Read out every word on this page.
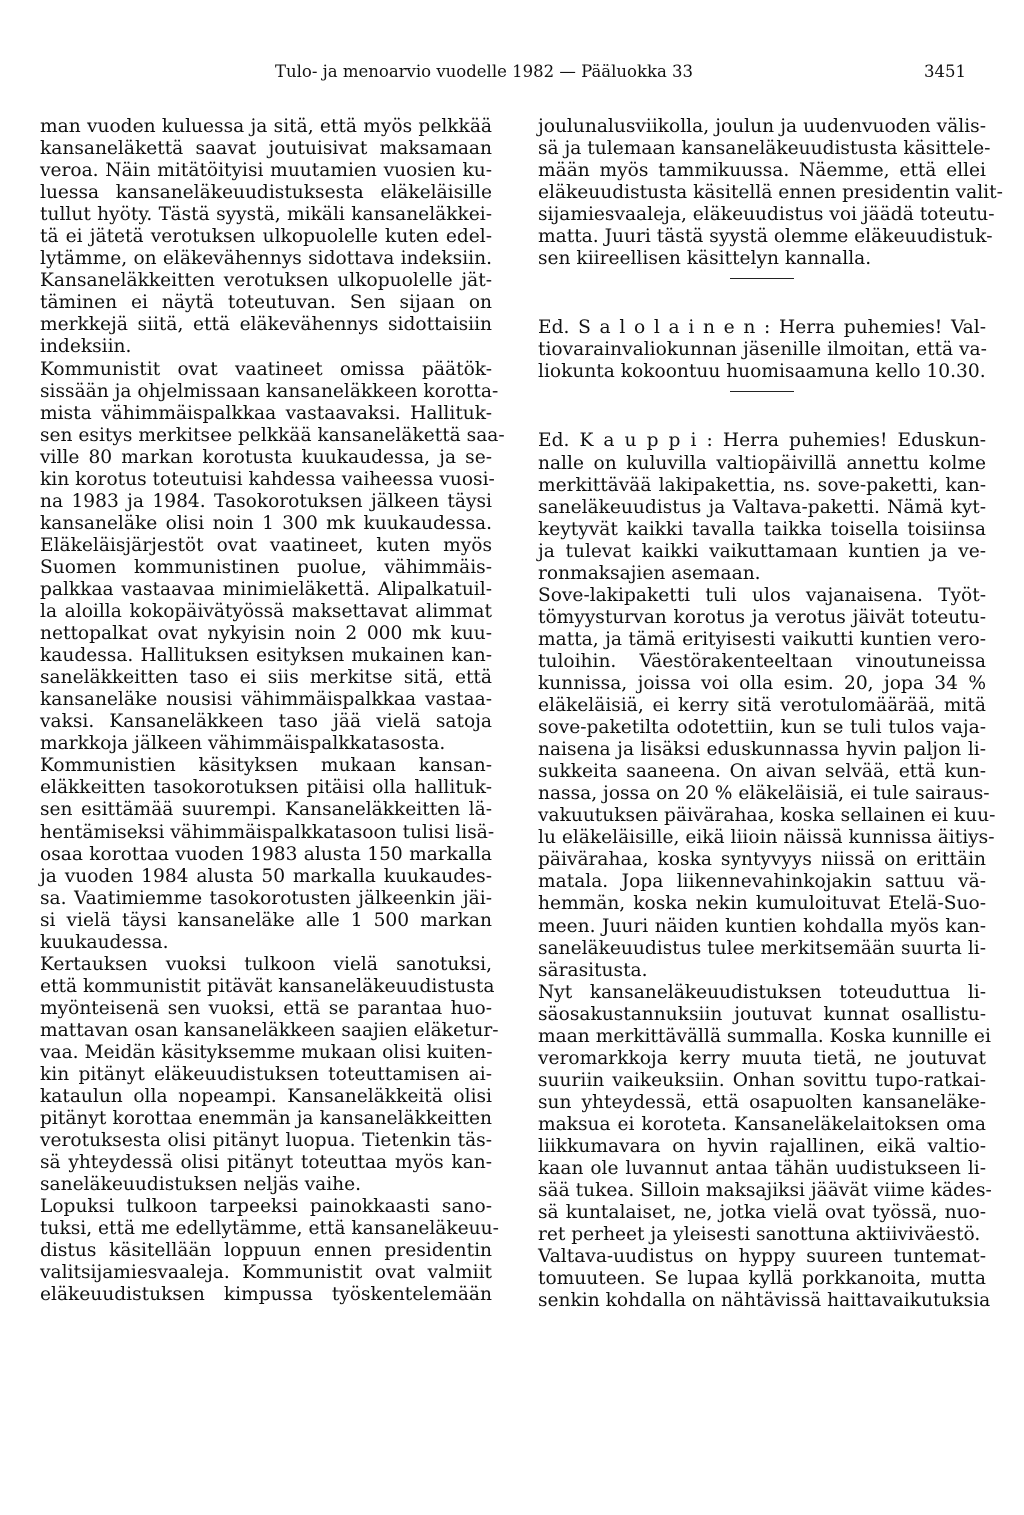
Tulo- ja menoarvio vuodelle 1982 — Pääluokka 33	3451
man vuoden kuluessa ja sitä, että myös pelkkää
kansaneläkettä saavat joutuisivat maksamaan
veroa. Näin mitätöityisi muutamien vuosien ku-
luessa kansaneläkeuudistuksesta eläkeläisille
tullut hyöty. Tästä syystä, mikäli kansaneläkkei-
tä ei jätetä verotuksen ulkopuolelle kuten edel-
lytämme, on eläkevähennys sidottava indeksiin.
Kansaneläkkeitten verotuksen ulkopuolelle jät-
täminen ei näytä toteutuvan. Sen sijaan on
merkkejä siitä, että eläkevähennys sidottaisiin
indeksiin.
Kommunistit ovat vaatineet omissa päätök-
sissään ja ohjelmissaan kansaneläkkeen korotta-
mista vähimmäispalkkaa vastaavaksi. Hallituk-
sen esitys merkitsee pelkkää kansaneläkettä saa-
ville 80 markan korotusta kuukaudessa, ja se-
kin korotus toteutuisi kahdessa vaiheessa vuosi-
na 1983 ja 1984. Tasokorotuksen jälkeen täysi
kansaneläke olisi noin 1 300 mk kuukaudessa.
Eläkeläisjärjestöt ovat vaatineet, kuten myös
Suomen kommunistinen puolue, vähimmäis-
palkkaa vastaavaa minimieläkettä. Alipalkatuil-
la aloilla kokopäivätyössä maksettavat alimmat
nettopalkat ovat nykyisin noin 2 000 mk kuu-
kaudessa. Hallituksen esityksen mukainen kan-
saneläkkeitten taso ei siis merkitse sitä, että
kansaneläke nousisi vähimmäispalkkaa vastaa-
vaksi. Kansaneläkkeen taso jää vielä satoja
markkoja jälkeen vähimmäispalkkatasosta.
Kommunistien käsityksen mukaan kansan-
eläkkeitten tasokorotuksen pitäisi olla hallituk-
sen esittämää suurempi. Kansaneläkkeitten lä-
hentämiseksi vähimmäispalkkatasoon tulisi lisä-
osaa korottaa vuoden 1983 alusta 150 markalla
ja vuoden 1984 alusta 50 markalla kuukaudes-
sa. Vaatimiemme tasokorotusten jälkeenkin jäi-
si vielä täysi kansaneläke alle 1 500 markan
kuukaudessa.
Kertauksen vuoksi tulkoon vielä sanotuksi,
että kommunistit pitävät kansaneläkeuudistusta
myönteisenä sen vuoksi, että se parantaa huo-
mattavan osan kansaneläkkeen saajien eläketur-
vaa. Meidän käsityksemme mukaan olisi kuiten-
kin pitänyt eläkeuudistuksen toteuttamisen ai-
kataulun olla nopeampi. Kansaneläkkeitä olisi
pitänyt korottaa enemmän ja kansaneläkkeitten
verotuksesta olisi pitänyt luopua. Tietenkin täs-
sä yhteydessä olisi pitänyt toteuttaa myös kan-
saneläkeuudistuksen neljäs vaihe.
Lopuksi tulkoon tarpeeksi painokkaasti sano-
tuksi, että me edellytämme, että kansaneläkeuu-
distus käsitellään loppuun ennen presidentin
valitsijamiesvaaleja. Kommunistit ovat valmiit
eläkeuudistuksen kimpussa työskentelemään
joulunalusviikolla, joulun ja uudenvuoden välis-
sä ja tulemaan kansaneläkeuudistusta käsittele-
mään myös tammikuussa. Näemme, että ellei
eläkeuudistusta käsitellä ennen presidentin valit-
sijamiesvaaleja, eläkeuudistus voi jäädä toteutu-
matta. Juuri tästä syystä olemme eläkeuudistuk-
sen kiireellisen käsittelyn kannalla.
Ed. S a l o l a i n e n : Herra puhemies! Val-
tiovarainvaliokunnan jäsenille ilmoitan, että va-
liokunta kokoontuu huomisaamuna kello 10.30.
Ed. K a u p p i : Herra puhemies! Eduskun-
nalle on kuluvilla valtiopäivillä annettu kolme
merkittävää lakipakettia, ns. sove-paketti, kan-
saneläkeuudistus ja Valtava-paketti. Nämä kyt-
keytyvät kaikki tavalla taikka toisella toisiinsa
ja tulevat kaikki vaikuttamaan kuntien ja ve-
ronmaksajien asemaan.
Sove-lakipaketti tuli ulos vajanaisena. Työt-
tömyysturvan korotus ja verotus jäivät toteutu-
matta, ja tämä erityisesti vaikutti kuntien vero-
tuloihin. Väestörakenteeltaan vinoutuneissa
kunnissa, joissa voi olla esim. 20, jopa 34 %
eläkeläisiä, ei kerry sitä verotulomäärää, mitä
sove-paketilta odotettiin, kun se tuli tulos vaja-
naisena ja lisäksi eduskunnassa hyvin paljon li-
sukkeita saaneena. On aivan selvää, että kun-
nassa, jossa on 20 % eläkeläisiä, ei tule sairaus-
vakuutuksen päivärahaa, koska sellainen ei kuu-
lu eläkeläisille, eikä liioin näissä kunnissa äitiys-
päivärahaa, koska syntyvyys niissä on erittäin
matala. Jopa liikennevahinkojakin sattuu vä-
hemmän, koska nekin kumuloituvat Etelä-Suo-
meen. Juuri näiden kuntien kohdalla myös kan-
saneläkeuudistus tulee merkitsemään suurta li-
särasitusta.
Nyt kansaneläkeuudistuksen toteuduttua li-
säosakustannuksiin joutuvat kunnat osallistu-
maan merkittävällä summalla. Koska kunnille ei
veromarkkoja kerry muuta tietä, ne joutuvat
suuriin vaikeuksiin. Onhan sovittu tupo-ratkai-
sun yhteydessä, että osapuolten kansaneläke-
maksua ei koroteta. Kansaneläkelaitoksen oma
liikkumavara on hyvin rajallinen, eikä valtio-
kaan ole luvannut antaa tähän uudistukseen li-
sää tukea. Silloin maksajiksi jäävät viime kädes-
sä kuntalaiset, ne, jotka vielä ovat työssä, nuo-
ret perheet ja yleisesti sanottuna aktiiviväestö.
Valtava-uudistus on hyppy suureen tuntemat-
tomuuteen. Se lupaa kyllä porkkanoita, mutta
senkin kohdalla on nähtävissä haittavaikutuksia
